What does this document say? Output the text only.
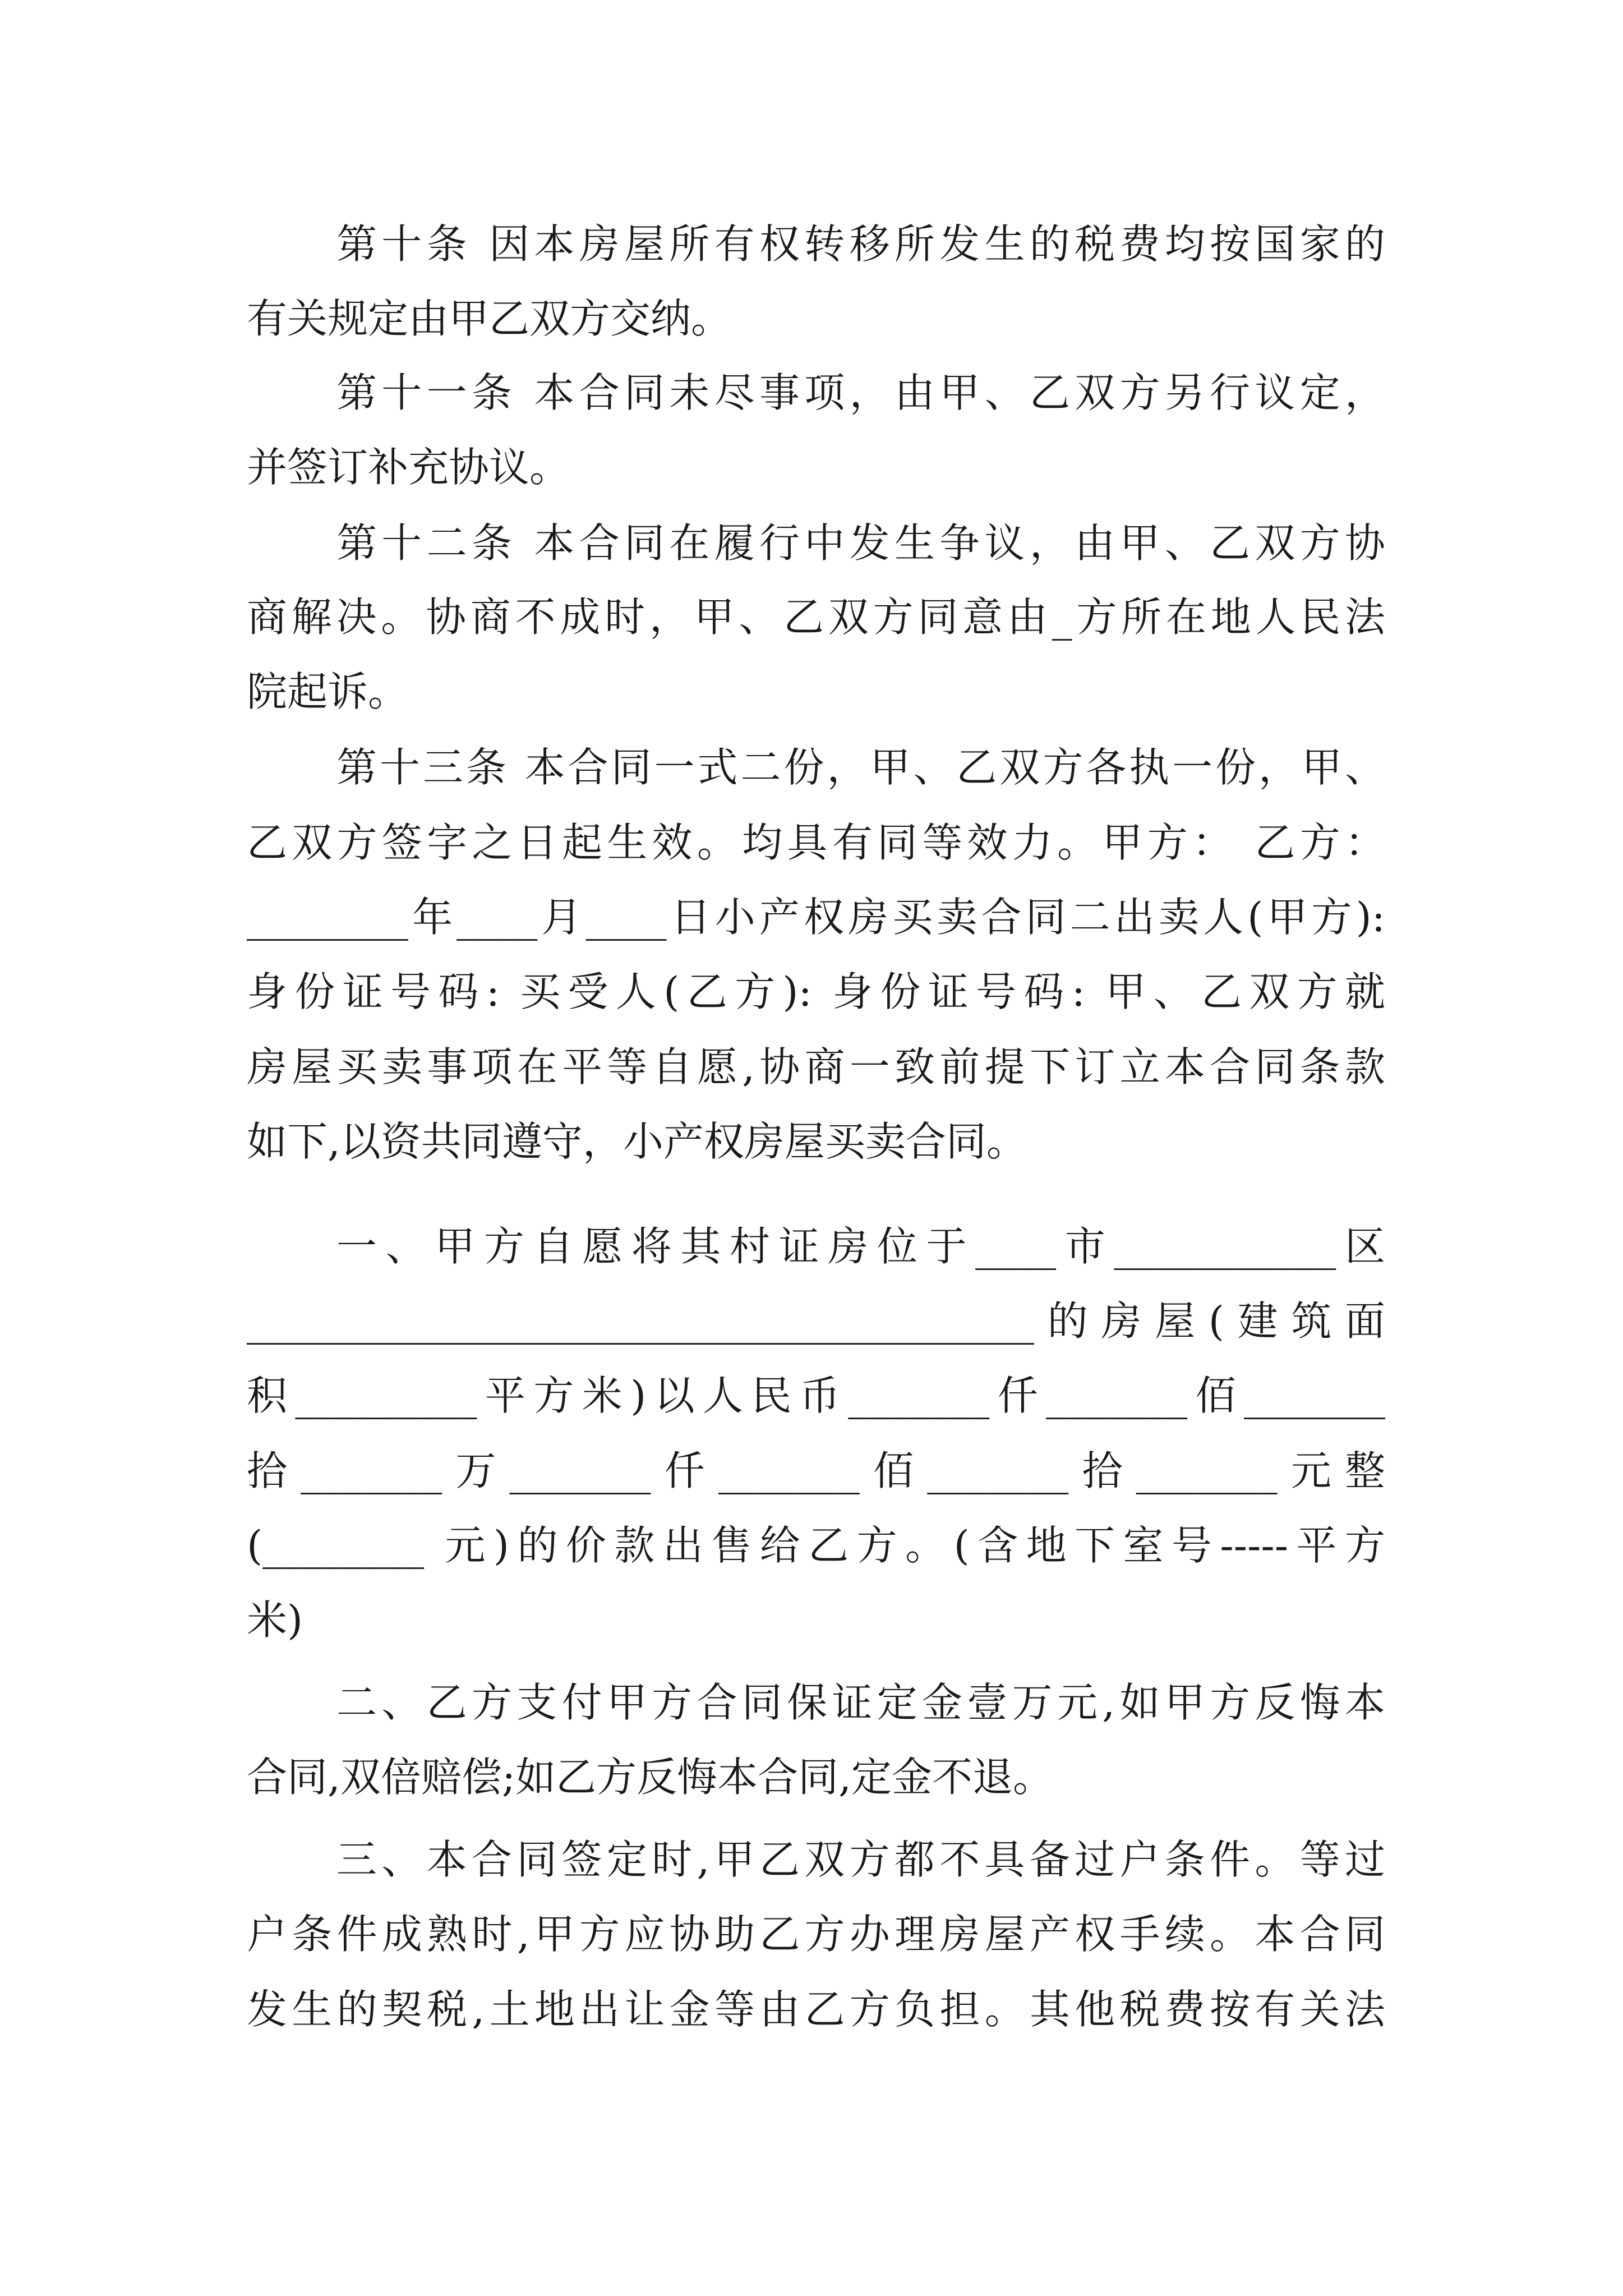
第十条 因本房屋所有权转移所发生的税费均按国家的
有关规定由甲乙双方交纳。
第十一条 本合同未尽事项，由甲、乙双方另行议定，
并签订补充协议。
第十二条 本合同在履行中发生争议，由甲、乙双方协
商解决。协商不成时，甲、乙双方同意由_方所在地人民法
院起诉。
第十三条 本合同一式二份，甲、乙双方各执一份，甲、
乙双方签字之日起生效。均具有同等效力。甲方： 乙方：
________年____月____日小产权房买卖合同二出卖人(甲方):
身份证号码: 买受人(乙方): 身份证号码: 甲、乙双方就
房屋买卖事项在平等自愿,协商一致前提下订立本合同条款
如下,以资共同遵守，小产权房屋买卖合同。
一、甲方自愿将其村证房位于____市___________区
_______________________________________的房屋(建筑面
积_________平方米)以人民币_______仟_______佰_______
拾_______万_______仟_______佰_______拾_______元整
(________ 元)的价款出售给乙方。(含地下室号-----平方
米)
二、乙方支付甲方合同保证定金壹万元,如甲方反悔本
合同,双倍赔偿;如乙方反悔本合同,定金不退。
三、本合同签定时,甲乙双方都不具备过户条件。等过
户条件成熟时,甲方应协助乙方办理房屋产权手续。本合同
发生的契税,土地出让金等由乙方负担。其他税费按有关法
